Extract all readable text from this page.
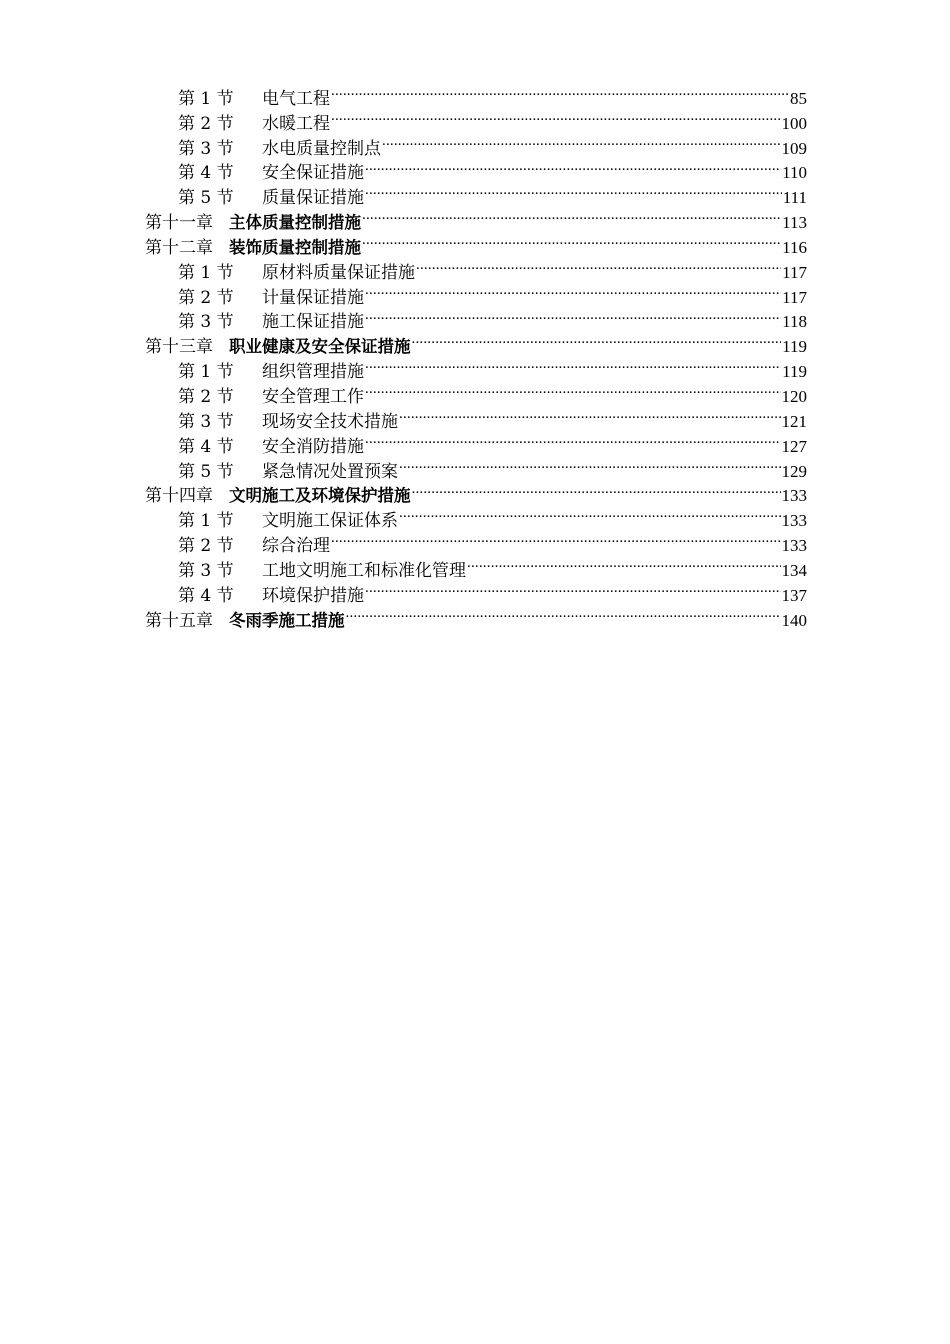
第 1 节	电气工程 .....	85
第 2 节	水暖工程 .....	100
第 3 节	水电质量控制点 .....	109
第 4 节	安全保证措施 .....	110
第 5 节	质量保证措施 .....	111
第十一章 主体质量控制措施 .....	113
第十二章 装饰质量控制措施 .....	116
第 1 节	原材料质量保证措施 .....	117
第 2 节	计量保证措施 .....	117
第 3 节	施工保证措施 .....	118
第十三章 职业健康及安全保证措施 .....	119
第 1 节	组织管理措施 .....	119
第 2 节	安全管理工作 .....	120
第 3 节	现场安全技术措施 .....	121
第 4 节	安全消防措施 .....	127
第 5 节	紧急情况处置预案 .....	129
第十四章 文明施工及环境保护措施 .....	133
第 1 节	文明施工保证体系 .....	133
第 2 节	综合治理 .....	133
第 3 节	工地文明施工和标准化管理 .....	134
第 4 节	环境保护措施 .....	137
第十五章 冬雨季施工措施 .....	140
